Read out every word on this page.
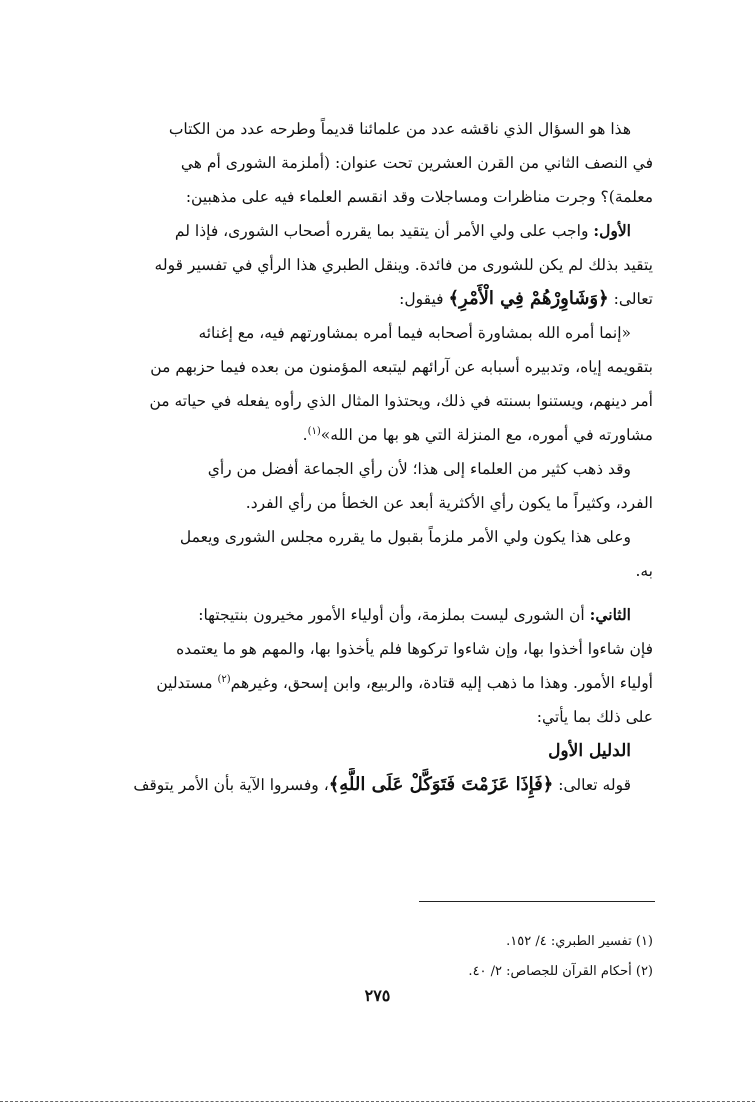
هذا هو السؤال الذي ناقشه عدد من علمائنا قديماً وطرحه عدد من الكتاب
في النصف الثاني من القرن العشرين تحت عنوان: (أملزمة الشورى أم هي
معلمة)؟ وجرت مناظرات ومساجلات وقد انقسم العلماء فيه على مذهبين:

الأول: واجب على ولي الأمر أن يتقيد بما يقرره أصحاب الشورى، فإذا لم
يتقيد بذلك لم يكن للشورى من فائدة. وينقل الطبري هذا الرأي في تفسير قوله
تعالى: ﴿وَشَاوِرْهُمْ فِي الْأَمْرِ﴾ فيقول:

«إنما أمره الله بمشاورة أصحابه فيما أمره بمشاورتهم فيه، مع إغنائه
بتقويمه إياه، وتدبيره أسبابه عن آرائهم ليتبعه المؤمنون من بعده فيما حزبهم من
أمر دينهم، ويستنوا بسنته في ذلك، ويحتذوا المثال الذي رأوه يفعله في حياته من
مشاورته في أموره، مع المنزلة التي هو بها من الله»$^{(١)}$.

وقد ذهب كثير من العلماء إلى هذا؛ لأن رأي الجماعة أفضل من رأي
الفرد، وكثيراً ما يكون رأي الأكثرية أبعد عن الخطأ من رأي الفرد.

وعلى هذا يكون ولي الأمر ملزماً بقبول ما يقرره مجلس الشورى ويعمل
به.

الثاني: أن الشورى ليست بملزمة، وأن أولياء الأمور مخيرون بنتيجتها:
فإن شاءوا أخذوا بها، وإن شاءوا تركوها فلم يأخذوا بها، والمهم هو ما يعتمده
أولياء الأمور. وهذا ما ذهب إليه قتادة، والربيع، وابن إسحق، وغيرهم$^{(٢)}$ مستدلين
على ذلك بما يأتي:

الدليل الأول
قوله تعالى: ﴿فَإِذَا عَزَمْتَ فَتَوَكَّلْ عَلَى اللَّهِ﴾، وفسروا الآية بأن الأمر يتوقف

(١) تفسير الطبري: ٤/ ١٥٢.
(٢) أحكام القرآن للجصاص: ٢/ ٤٠.
٢٧٥
